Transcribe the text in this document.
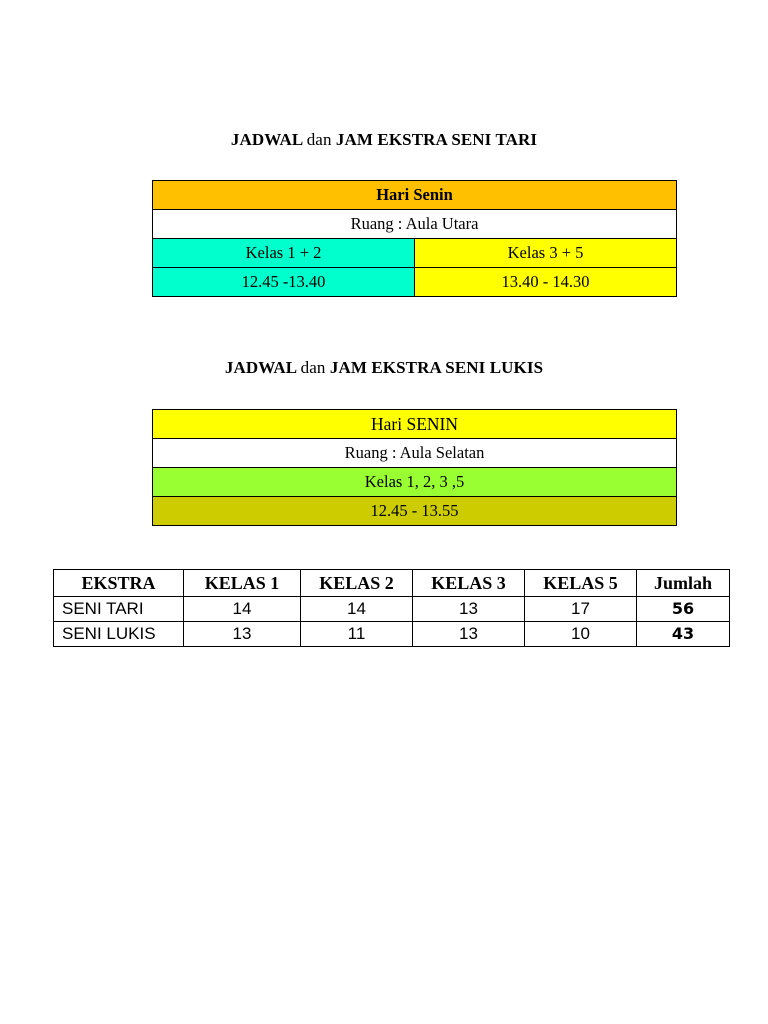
JADWAL dan JAM EKSTRA SENI TARI
Hari Senin	
Ruang : Aula Utara	
Kelas 1 + 2	Kelas 3 + 5
12.45 -13.40	13.40 - 14.30
JADWAL dan JAM EKSTRA SENI LUKIS
Hari SENIN
Ruang : Aula Selatan
Kelas 1, 2, 3 ,5
12.45 - 13.55
EKSTRA	KELAS 1	KELAS 2	KELAS 3	KELAS 5	Jumlah
SENI TARI	14	14	13	17	56
SENI LUKIS	13	11	13	10	43
